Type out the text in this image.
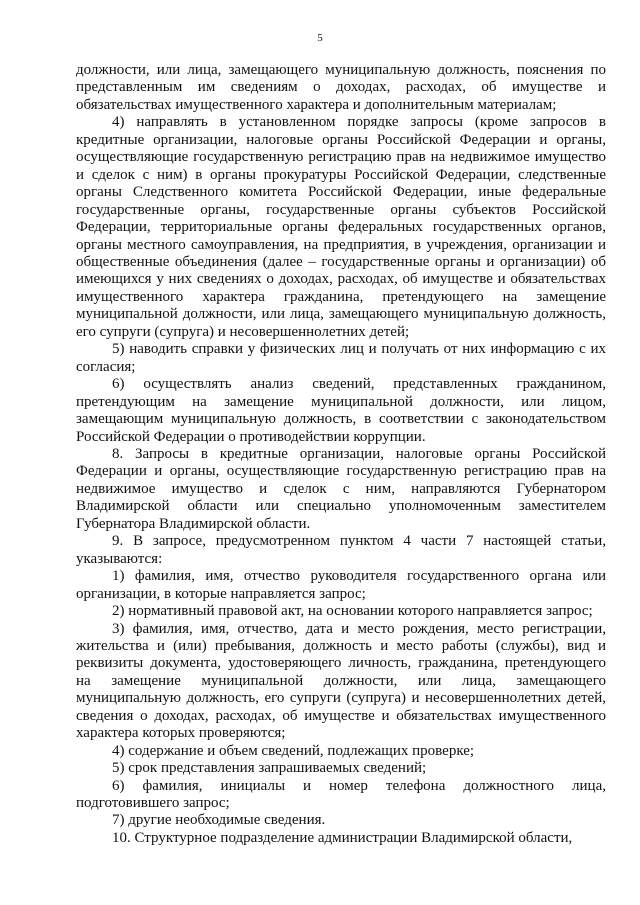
5

должности, или лица, замещающего муниципальную должность, пояснения по представленным им сведениям о доходах, расходах, об имуществе и обязательствах имущественного характера и дополнительным материалам;

4) направлять в установленном порядке запросы (кроме запросов в кредитные организации, налоговые органы Российской Федерации и органы, осуществляющие государственную регистрацию прав на недвижимое имущество и сделок с ним) в органы прокуратуры Российской Федерации, следственные органы Следственного комитета Российской Федерации, иные федеральные государственные органы, государственные органы субъектов Российской Федерации, территориальные органы федеральных государственных органов, органы местного самоуправления, на предприятия, в учреждения, организации и общественные объединения (далее – государственные органы и организации) об имеющихся у них сведениях о доходах, расходах, об имуществе и обязательствах имущественного характера гражданина, претендующего на замещение муниципальной должности, или лица, замещающего муниципальную должность, его супруги (супруга) и несовершеннолетних детей;

5) наводить справки у физических лиц и получать от них информацию с их согласия;

6) осуществлять анализ сведений, представленных гражданином, претендующим на замещение муниципальной должности, или лицом, замещающим муниципальную должность, в соответствии с законодательством Российской Федерации о противодействии коррупции.

8. Запросы в кредитные организации, налоговые органы Российской Федерации и органы, осуществляющие государственную регистрацию прав на недвижимое имущество и сделок с ним, направляются Губернатором Владимирской области или специально уполномоченным заместителем Губернатора Владимирской области.

9. В запросе, предусмотренном пунктом 4 части 7 настоящей статьи, указываются:

1) фамилия, имя, отчество руководителя государственного органа или организации, в которые направляется запрос;

2) нормативный правовой акт, на основании которого направляется запрос;

3) фамилия, имя, отчество, дата и место рождения, место регистрации, жительства и (или) пребывания, должность и место работы (службы), вид и реквизиты документа, удостоверяющего личность, гражданина, претендующего на замещение муниципальной должности, или лица, замещающего муниципальную должность, его супруги (супруга) и несовершеннолетних детей, сведения о доходах, расходах, об имуществе и обязательствах имущественного характера которых проверяются;

4) содержание и объем сведений, подлежащих проверке;

5) срок представления запрашиваемых сведений;

6) фамилия, инициалы и номер телефона должностного лица, подготовившего запрос;

7) другие необходимые сведения.

10. Структурное подразделение администрации Владимирской области,
